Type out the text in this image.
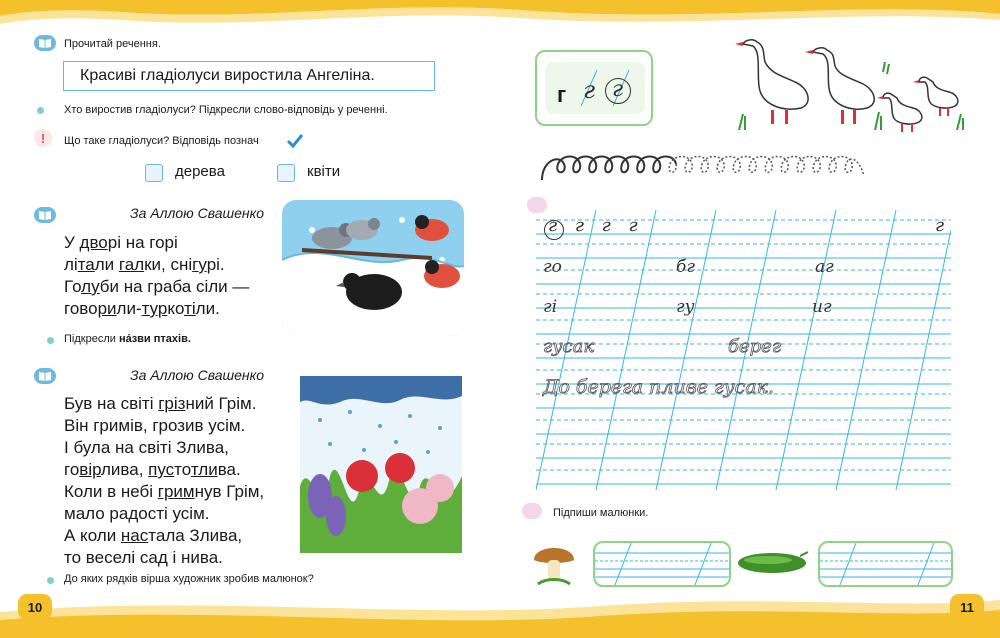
Прочитай речення.
Красиві гладіолуси виростила Ангеліна.
Хто виростив гладіолуси? Підкресли слово-відповідь у реченні.
!	Що таке гладіолуси? Відповідь познач
дерева	квіти
За Аллою Свашенко
У дворі на горі
літали галки, снігурі.
Голуби на граба сіли —
говорили-туркотіли.
Підкресли на́зви птахів.
За Аллою Свашенко
Був на світі грізний Грім.
Він гримів, грозив усім.
І була на світі Злива,
говірлива, пустотлива.
Коли в небі гримнув Грім,
мало радості усім.
А коли настала Злива,
то веселі сад і нива.
До яких рядків вірша художник зробив малюнок?
10
г г г
г г г г	г
го	бг	аг
гі	гу	иг
гусак	берег
До берега пливе гусак.
Підпиши малюнки.
11
